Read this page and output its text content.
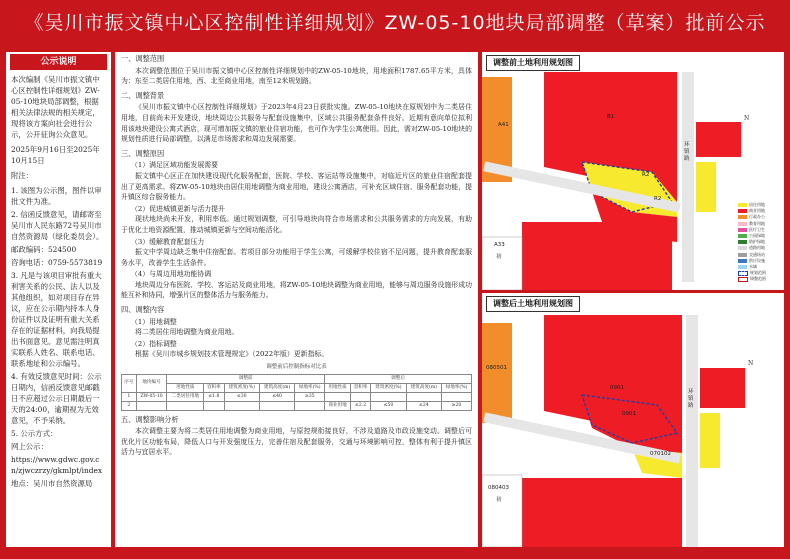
《吴川市振文镇中心区控制性详细规划》ZW-05-10地块局部调整（草案）批前公示
公示说明

本次编制《吴川市振文镇中心区控制性详细规划》ZW-05-10地块局部调整，根据相关法律法规的相关规定，现将该方案向社会进行公示，公开征询公众意见。

2025年9月16日至2025年10月15日

附注：

1. 该图为公示图，图件以审批文件为准。
2. 信函反馈意见，请邮寄至吴川市人民东路72号吴川市自然资源局（绿化委员会）。
邮政编码：524500
咨询电话：0759-5573819
3. 凡是与该项目审批有重大利害关系的公民、法人以及其他组织，如对项目存在异议，应在公示期内持本人身份证件以及证明有重大关系存在的证据材料，向我局提出书面意见。意见需注明真实联系人姓名、联系电话、联系地址和公示编号。
4. 有效反馈意见时间：公示日期内，信函反馈意见邮戳日不应超过公示日期最后一天的24:00，逾期视为无效意见，不予采纳。
5. 公示方式：
网上公示：
https://www.gdwc.gov.cn/zjwczrzy/gkmlpt/index
地点：吴川市自然资源局
一、调整范围
本次调整范围位于吴川市振文镇中心区控制性详细规划中的ZW-05-10地块，用地面积1787.65平方米，具体为：东至二类居住用地，西、北至商业用地，南至12米规划路。
二、调整背景
《吴川市振文镇中心区控制性详细规划》于2023年4月23日获批实施。ZW-05-10地块在原规划中为二类居住用地，目前尚未开发建设，地块周边公共服务与配套设施集中，区域公共服务配套条件良好。近期有意向单位拟利用该地块建设公寓式酒店，现可增加振文镇的旅业住宿功能，也可作为学生公寓使用。因此，需对ZW-05-10地块的规划性质进行局部调整，以满足市场需求和周边发展需要。
三、调整原因
（1）满足区域功能发展需要
振文镇中心区正在加快建设现代化服务配套，医院、学校、客运站等设施集中，对临近片区的旅业住宿配套提出了更高需求。将ZW-05-10地块由居住用地调整为商业用地，建设公寓酒店，可补充区域住宿、服务配套功能，提升镇区综合服务能力。
（2）促进城镇更新与活力提升
现状地块尚未开发，利用率低。通过规划调整，可引导地块向符合市场需求和公共服务需求的方向发展，有助于优化土地资源配置，推动城镇更新与空间功能活化。
（3）缓解教育配套压力
振文中学周边缺乏集中住宿配套。若项目部分功能用于学生公寓，可缓解学校住宿不足问题，提升教育配套服务水平，改善学生生活条件。
（4）与周边用地功能协调
地块周边分布医院、学校、客运站及商业用地，将ZW-05-10地块调整为商业用地，能够与周边服务设施形成功能互补和协同，增强片区的整体活力与服务能力。
四、调整内容
（1）用地调整
将二类居住用地调整为商业用地。
（2）指标调整
根据《吴川市城乡规划技术管理规定》（2022年版）更新指标。
调整前后控制指标对比表
序号	地块编号	调整前					调整后				
		用地性质	容积率	建筑密度(%)	建筑高度(m)	绿地率(%)	用地性质	容积率	建筑密度(%)	建筑高度(m)	绿地率(%)
1	ZW-05-10	二类居住用地	≤1.8	≤30	≤40	≥35					
2							商业用地	≤2.2	≤50	≤24	≥20
五、调整影响分析
本次调整主要为将二类居住用地调整为商业用地，与原控规衔接良好，不涉及道路及市政设施变动。调整后可优化片区功能布局，降低人口与开发强度压力，完善住宿及配套服务，交通与环境影响可控，整体有利于提升镇区活力与宜居水平。
N
调整前土地利用规划图
A41
B1
R2
R2
A33
初
环镇路
居住用地
商业用地
行政办公
教育用地
医疗卫生
公园绿地
防护绿地
道路用地
交通场站
供应设施
水域
规划范围
调整范围
N
调整后土地利用规划图
080501
0901
0901
070102
080403
初
环镇路
